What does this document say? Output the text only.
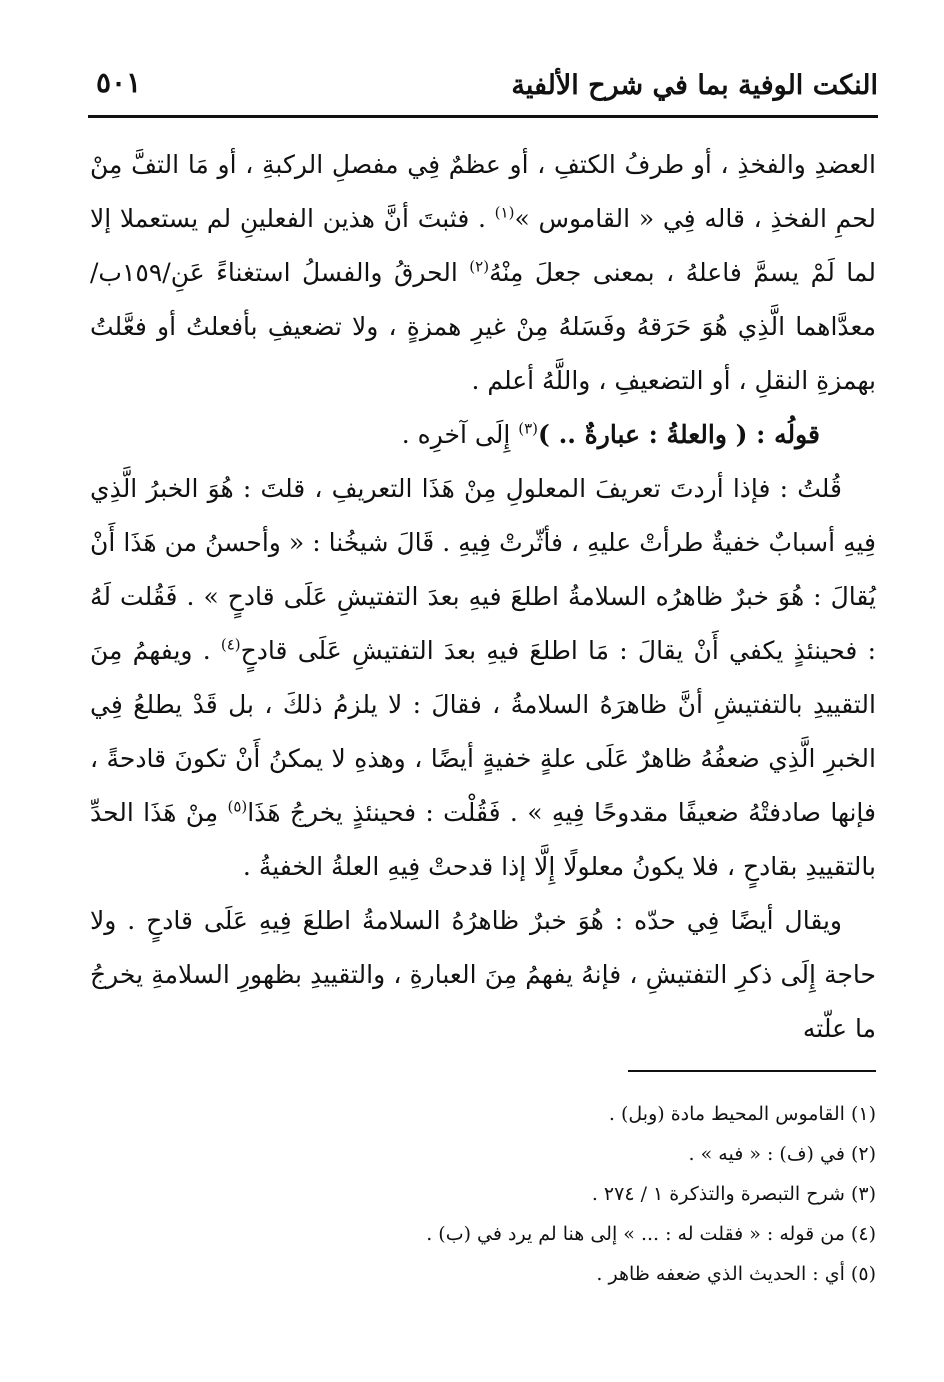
النكت الوفية بما في شرح الألفية
٥٠١

العضدِ والفخذِ ، أو طرفُ الكتفِ ، أو عظمٌ فِي مفصلِ الركبةِ ، أو مَا التفَّ مِنْ لحمِ الفخذِ ، قاله فِي « القاموس »$^{(١)}$ . فثبتَ أنَّ هذين الفعلينِ لم يستعملا إلا لما لَمْ يسمَّ فاعلهُ ، بمعنى جعلَ مِنْهُ$^{(٢)}$ الحرقُ والفسلُ استغناءً عَنِ/١٥٩ب/ معدَّاهما الَّذِي هُوَ حَرَقهُ وفَسَلهُ مِنْ غيرِ همزةٍ ، ولا تضعيفِ بأفعلتُ أو فعَّلتُ بهمزةِ النقلِ ، أو التضعيفِ ، واللَّهُ أعلم .

قولُه : ( والعلةُ : عبارةٌ .. )$^{(٣)}$ إِلَى آخرِه .

قُلتُ : فإذا أردتَ تعريفَ المعلولِ مِنْ هَذَا التعريفِ ، قلتَ : هُوَ الخبرُ الَّذِي فِيهِ أسبابٌ خفيةٌ طرأتْ عليهِ ، فأثّرتْ فِيهِ . قَالَ شيخُنا : « وأحسنُ من هَذَا أَنْ يُقالَ : هُوَ خبرٌ ظاهرُه السلامةُ اطلعَ فيهِ بعدَ التفتيشِ عَلَى قادحٍ » . فَقُلت لَهُ : فحينئذٍ يكفي أَنْ يقالَ : مَا اطلعَ فيهِ بعدَ التفتيشِ عَلَى قادحٍ$^{(٤)}$ . ويفهمُ مِنَ التقييدِ بالتفتيشِ أنَّ ظاهرَهُ السلامةُ ، فقالَ : لا يلزمُ ذلكَ ، بل قَدْ يطلعُ فِي الخبرِ الَّذِي ضعفُهُ ظاهرٌ عَلَى علةٍ خفيةٍ أيضًا ، وهذهِ لا يمكنُ أَنْ تكونَ قادحةً ، فإنها صادفتْهُ ضعيفًا مقدوحًا فِيهِ » . فَقُلْت : فحينئذٍ يخرجُ هَذَا$^{(٥)}$ مِنْ هَذَا الحدِّ بالتقييدِ بقادحٍ ، فلا يكونُ معلولًا إِلَّا إذا قدحتْ فِيهِ العلةُ الخفيةُ .

ويقال أيضًا فِي حدّه : هُوَ خبرٌ ظاهرُهُ السلامةُ اطلعَ فِيهِ عَلَى قادحٍ . ولا حاجة إِلَى ذكرِ التفتيشِ ، فإنهُ يفهمُ مِنَ العبارةِ ، والتقييدِ بظهورِ السلامةِ يخرجُ ما علّته

(١) القاموس المحيط مادة (وبل) .

(٢) في (ف) : « فيه » .

(٣) شرح التبصرة والتذكرة ١ / ٢٧٤ .

(٤) من قوله : « فقلت له : ... » إلى هنا لم يرد في (ب) .

(٥) أي : الحديث الذي ضعفه ظاهر .
